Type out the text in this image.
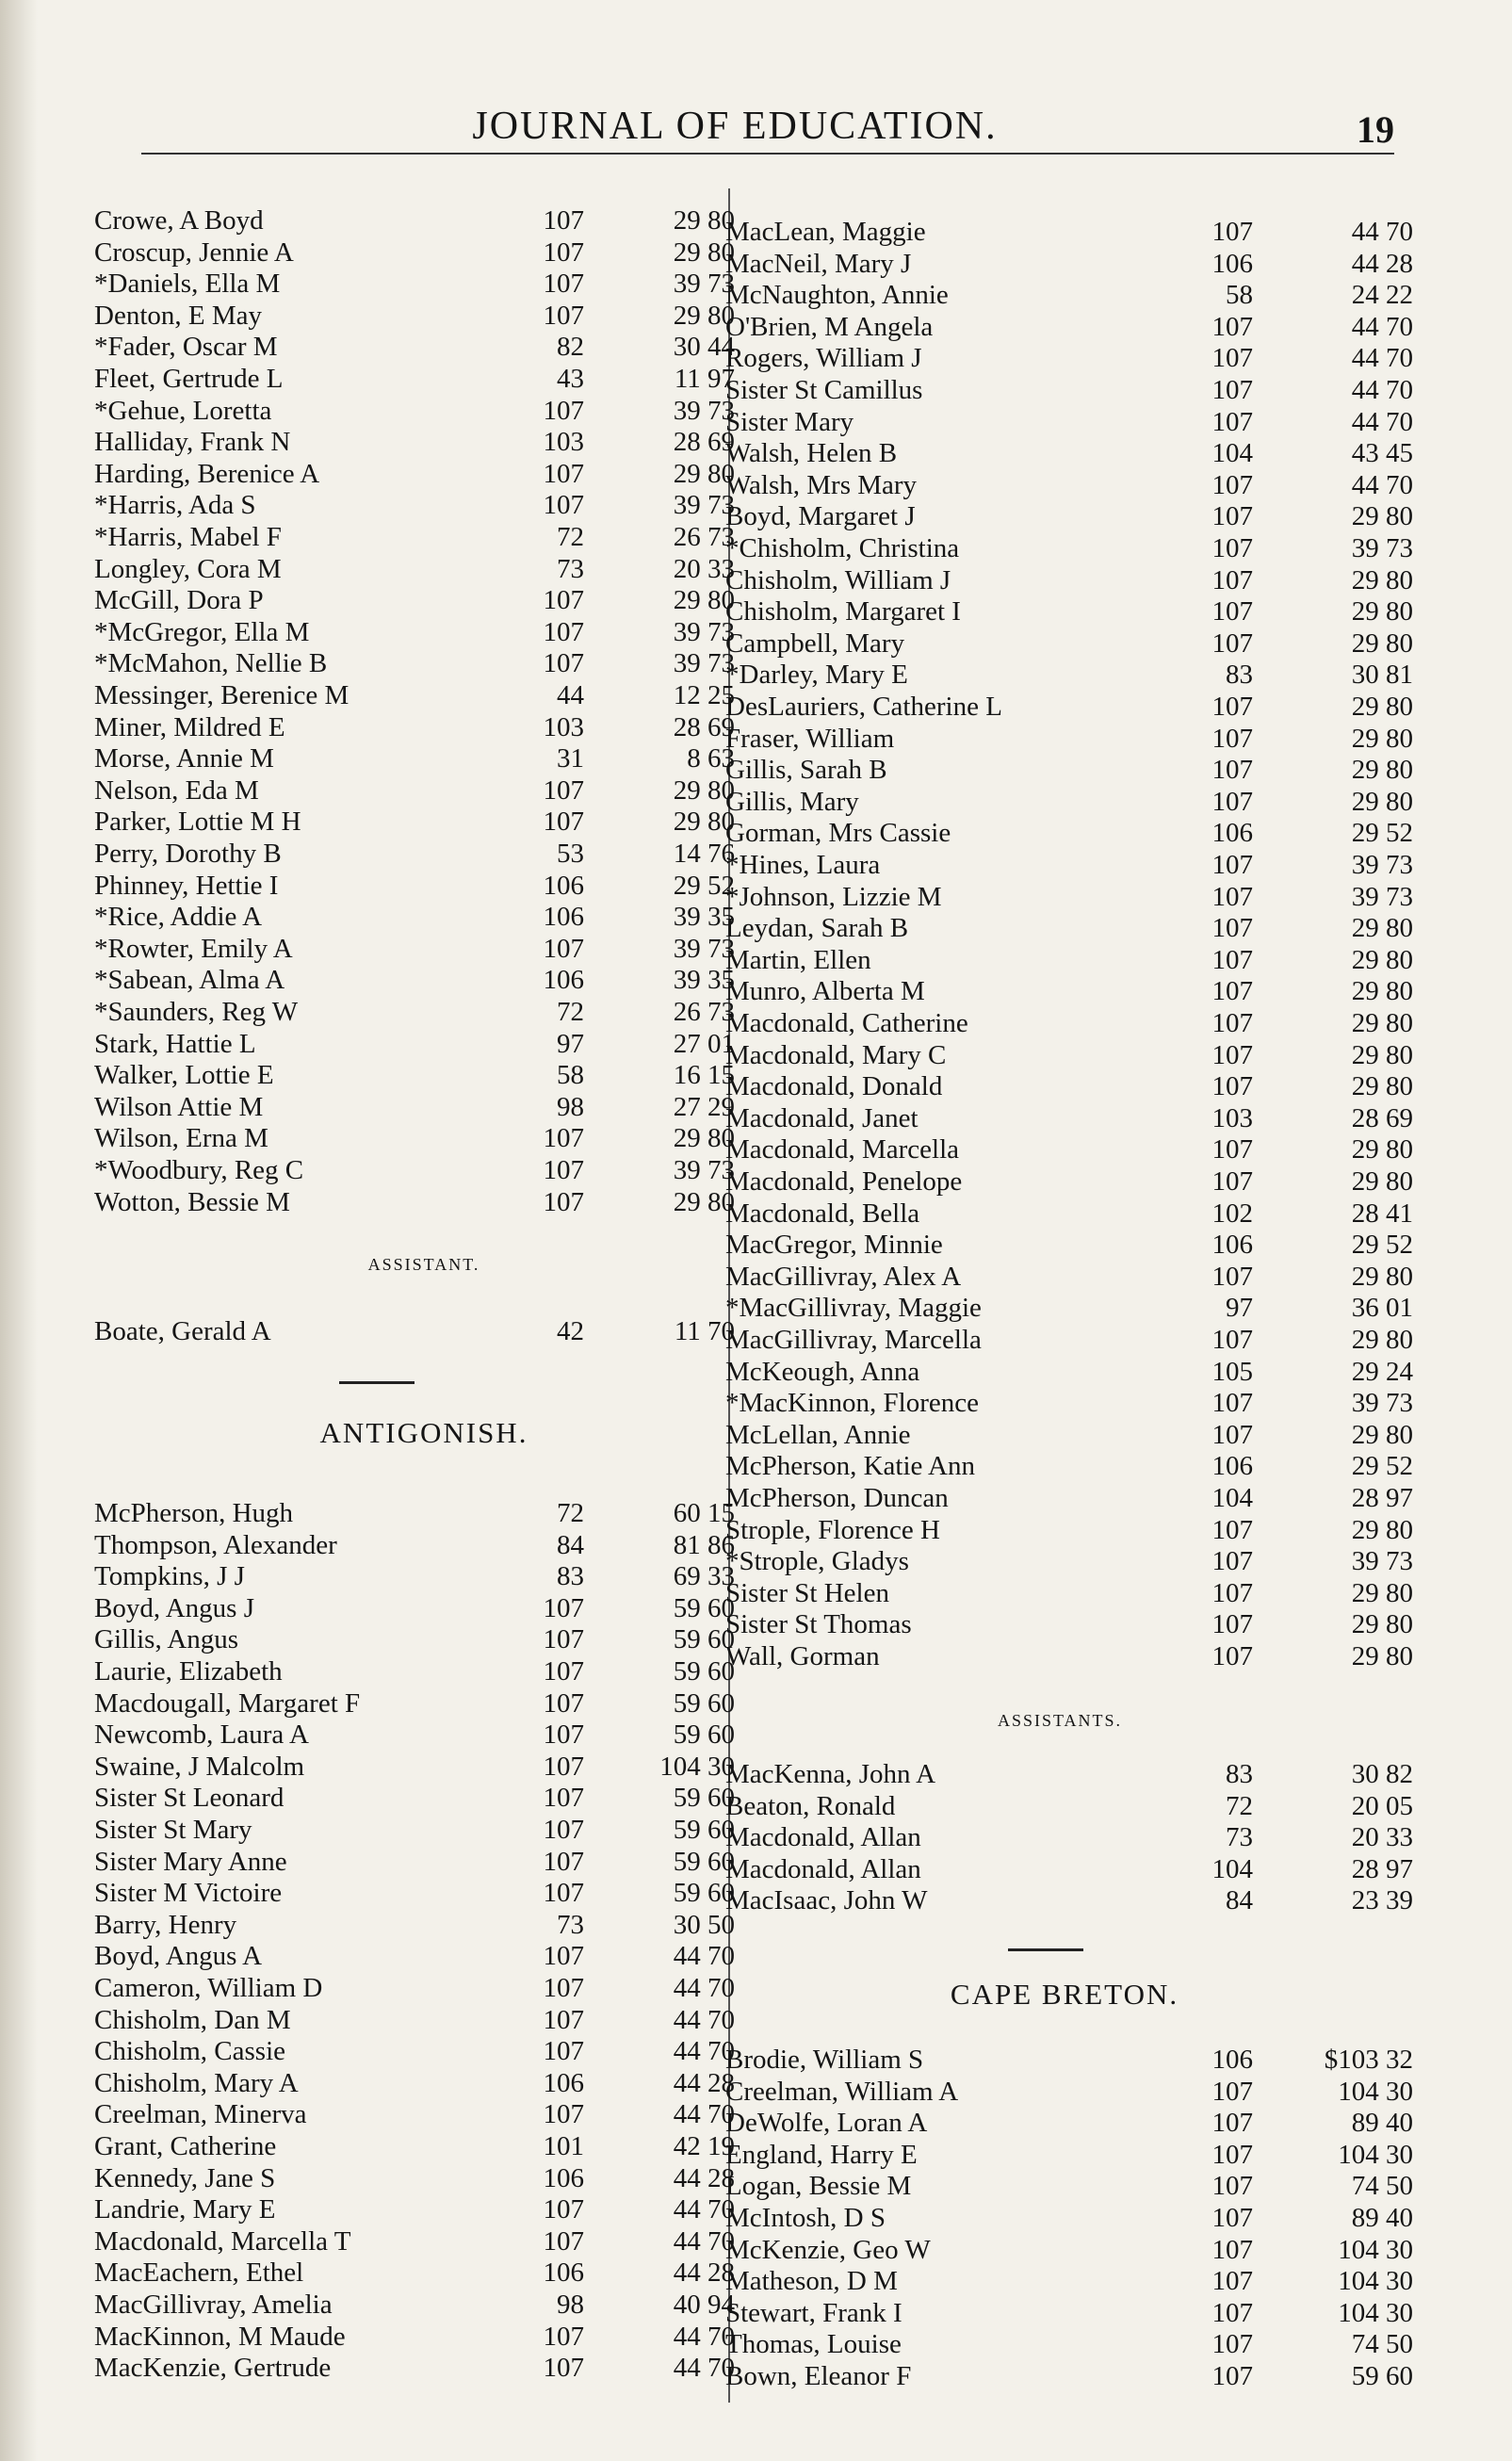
JOURNAL OF EDUCATION.	19
Crowe, A Boyd	107	29 80
Croscup, Jennie A	107	29 80
*Daniels, Ella M	107	39 73
Denton, E May	107	29 80
*Fader, Oscar M	82	30 44
Fleet, Gertrude L	43	11 97
*Gehue, Loretta	107	39 73
Halliday, Frank N	103	28 69
Harding, Berenice A	107	29 80
*Harris, Ada S	107	39 73
*Harris, Mabel F	72	26 73
Longley, Cora M	73	20 33
McGill, Dora P	107	29 80
*McGregor, Ella M	107	39 73
*McMahon, Nellie B	107	39 73
Messinger, Berenice M	44	12 25
Miner, Mildred E	103	28 69
Morse, Annie M	31	8 63
Nelson, Eda M	107	29 80
Parker, Lottie M H	107	29 80
Perry, Dorothy B	53	14 76
Phinney, Hettie I	106	29 52
*Rice, Addie A	106	39 35
*Rowter, Emily A	107	39 73
*Sabean, Alma A	106	39 35
*Saunders, Reg W	72	26 73
Stark, Hattie L	97	27 01
Walker, Lottie E	58	16 15
Wilson Attie M	98	27 29
Wilson, Erna M	107	29 80
*Woodbury, Reg C	107	39 73
Wotton, Bessie M	107	29 80
ASSISTANT.
Boate, Gerald A	42	11 70
ANTIGONISH.
McPherson, Hugh	72	60 15
Thompson, Alexander	84	81 86
Tompkins, J J	83	69 33
Boyd, Angus J	107	59 60
Gillis, Angus	107	59 60
Laurie, Elizabeth	107	59 60
Macdougall, Margaret F	107	59 60
Newcomb, Laura A	107	59 60
Swaine, J Malcolm	107	104 30
Sister St Leonard	107	59 60
Sister St Mary	107	59 60
Sister Mary Anne	107	59 60
Sister M Victoire	107	59 60
Barry, Henry	73	30 50
Boyd, Angus A	107	44 70
Cameron, William D	107	44 70
Chisholm, Dan M	107	44 70
Chisholm, Cassie	107	44 70
Chisholm, Mary A	106	44 28
Creelman, Minerva	107	44 70
Grant, Catherine	101	42 19
Kennedy, Jane S	106	44 28
Landrie, Mary E	107	44 70
Macdonald, Marcella T	107	44 70
MacEachern, Ethel	106	44 28
MacGillivray, Amelia	98	40 94
MacKinnon, M Maude	107	44 70
MacKenzie, Gertrude	107	44 70
MacLean, Maggie	107	44 70
MacNeil, Mary J	106	44 28
McNaughton, Annie	58	24 22
O'Brien, M Angela	107	44 70
Rogers, William J	107	44 70
Sister St Camillus	107	44 70
Sister Mary	107	44 70
Walsh, Helen B	104	43 45
Walsh, Mrs Mary	107	44 70
Boyd, Margaret J	107	29 80
*Chisholm, Christina	107	39 73
Chisholm, William J	107	29 80
Chisholm, Margaret I	107	29 80
Campbell, Mary	107	29 80
*Darley, Mary E	83	30 81
DesLauriers, Catherine L	107	29 80
Fraser, William	107	29 80
Gillis, Sarah B	107	29 80
Gillis, Mary	107	29 80
Gorman, Mrs Cassie	106	29 52
*Hines, Laura	107	39 73
*Johnson, Lizzie M	107	39 73
Leydan, Sarah B	107	29 80
Martin, Ellen	107	29 80
Munro, Alberta M	107	29 80
Macdonald, Catherine	107	29 80
Macdonald, Mary C	107	29 80
Macdonald, Donald	107	29 80
Macdonald, Janet	103	28 69
Macdonald, Marcella	107	29 80
Macdonald, Penelope	107	29 80
Macdonald, Bella	102	28 41
MacGregor, Minnie	106	29 52
MacGillivray, Alex A	107	29 80
*MacGillivray, Maggie	97	36 01
MacGillivray, Marcella	107	29 80
McKeough, Anna	105	29 24
*MacKinnon, Florence	107	39 73
McLellan, Annie	107	29 80
McPherson, Katie Ann	106	29 52
McPherson, Duncan	104	28 97
Strople, Florence H	107	29 80
*Strople, Gladys	107	39 73
Sister St Helen	107	29 80
Sister St Thomas	107	29 80
Wall, Gorman	107	29 80
ASSISTANTS.
MacKenna, John A	83	30 82
Beaton, Ronald	72	20 05
Macdonald, Allan	73	20 33
Macdonald, Allan	104	28 97
MacIsaac, John W	84	23 39
CAPE BRETON.
Brodie, William S	106	$103 32
Creelman, William A	107	104 30
DeWolfe, Loran A	107	89 40
England, Harry E	107	104 30
Logan, Bessie M	107	74 50
McIntosh, D S	107	89 40
McKenzie, Geo W	107	104 30
Matheson, D M	107	104 30
Stewart, Frank I	107	104 30
Thomas, Louise	107	74 50
Bown, Eleanor F	107	59 60
